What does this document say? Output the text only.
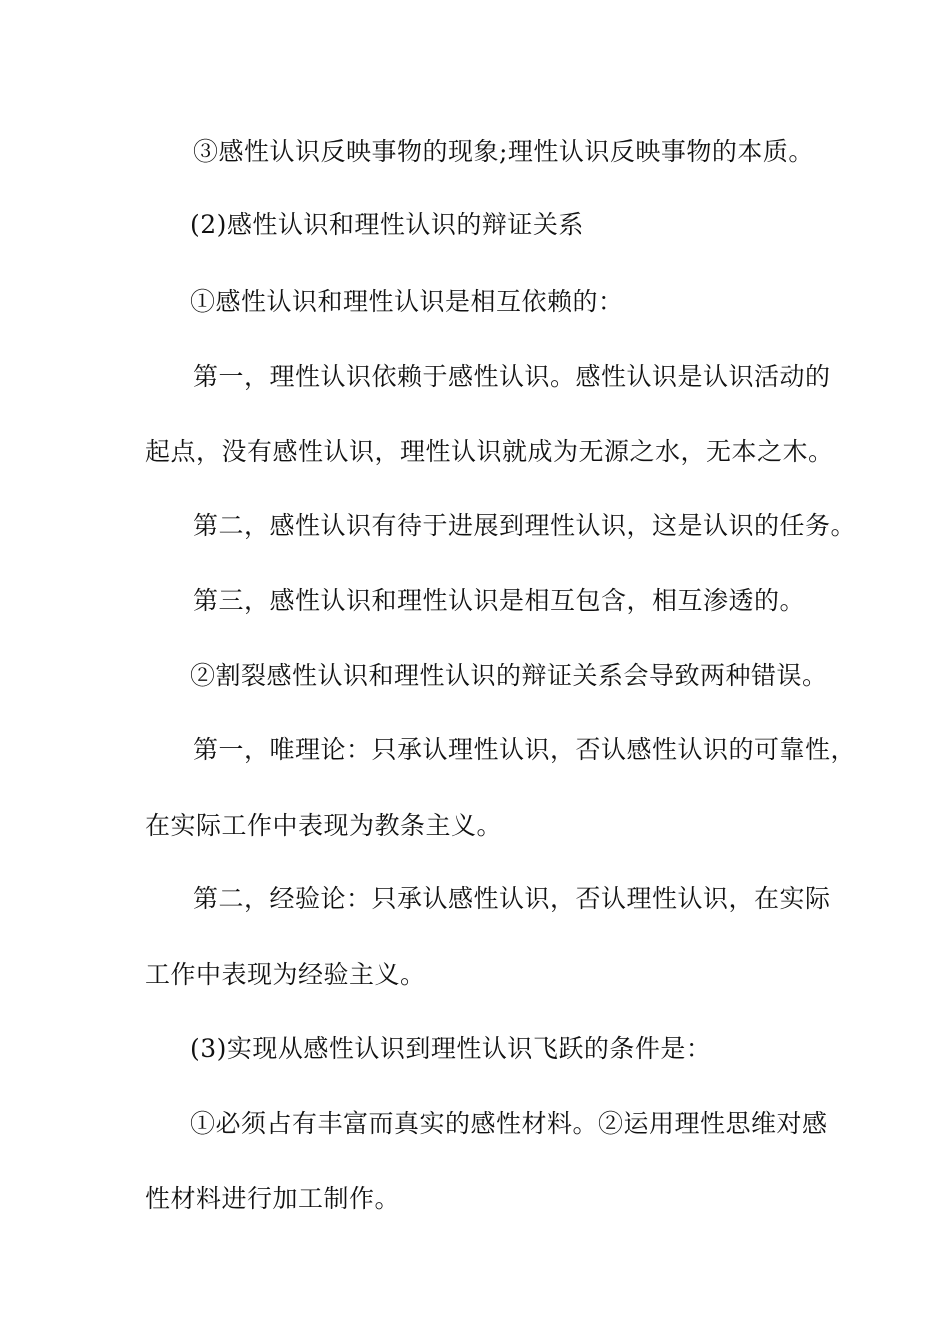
③感性认识反映事物的现象;理性认识反映事物的本质。
(2)感性认识和理性认识的辩证关系
①感性认识和理性认识是相互依赖的：
第一，理性认识依赖于感性认识。感性认识是认识活动的
起点，没有感性认识，理性认识就成为无源之水，无本之木。
第二，感性认识有待于进展到理性认识，这是认识的任务。
第三，感性认识和理性认识是相互包含，相互渗透的。
②割裂感性认识和理性认识的辩证关系会导致两种错误。
第一，唯理论：只承认理性认识，否认感性认识的可靠性，
在实际工作中表现为教条主义。
第二，经验论：只承认感性认识，否认理性认识，在实际
工作中表现为经验主义。
(3)实现从感性认识到理性认识飞跃的条件是：
①必须占有丰富而真实的感性材料。②运用理性思维对感
性材料进行加工制作。
